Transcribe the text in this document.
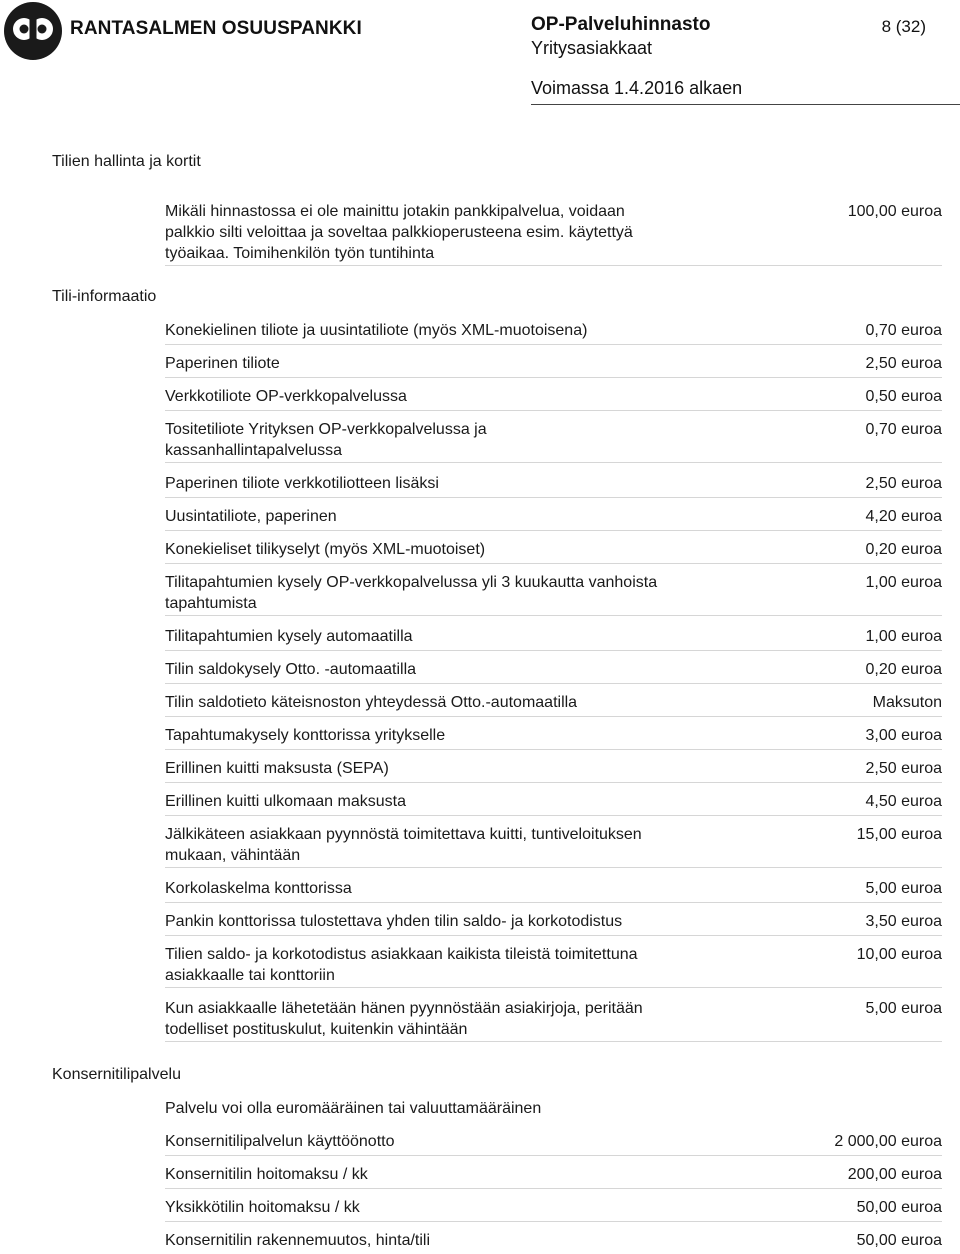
RANTASALMEN OSUUSPANKKI	OP-Palveluhinnasto
Yritysasiakkaat
8 (32)
Voimassa 1.4.2016 alkaen
Tilien hallinta ja kortit
Mikäli hinnastossa ei ole mainittu jotakin pankkipalvelua, voidaan
palkkio silti veloittaa ja soveltaa palkkioperusteena esim. käytettyä
työaikaa. Toimihenkilön työn tuntihinta
100,00 euroa
Tili-informaatio
Konekielinen tiliote ja uusintatiliote (myös XML-muotoisena)	0,70 euroa
Paperinen tiliote	2,50 euroa
Verkkotiliote OP-verkkopalvelussa	0,50 euroa
Tositetiliote Yrityksen OP-verkkopalvelussa ja
kassanhallintapalvelussa
0,70 euroa
Paperinen tiliote verkkotiliotteen lisäksi	2,50 euroa
Uusintatiliote, paperinen	4,20 euroa
Konekieliset tilikyselyt (myös XML-muotoiset)	0,20 euroa
Tilitapahtumien kysely OP-verkkopalvelussa yli 3 kuukautta vanhoista
tapahtumista
1,00 euroa
Tilitapahtumien kysely automaatilla	1,00 euroa
Tilin saldokysely Otto. -automaatilla	0,20 euroa
Tilin saldotieto käteisnoston yhteydessä Otto.-automaatilla	Maksuton
Tapahtumakysely konttorissa yritykselle	3,00 euroa
Erillinen kuitti maksusta (SEPA)	2,50 euroa
Erillinen kuitti ulkomaan maksusta	4,50 euroa
Jälkikäteen asiakkaan pyynnöstä toimitettava kuitti, tuntiveloituksen
mukaan, vähintään
15,00 euroa
Korkolaskelma konttorissa	5,00 euroa
Pankin konttorissa tulostettava yhden tilin saldo- ja korkotodistus	3,50 euroa
Tilien saldo- ja korkotodistus asiakkaan kaikista tileistä toimitettuna
asiakkaalle tai konttoriin
10,00 euroa
Kun asiakkaalle lähetetään hänen pyynnöstään asiakirjoja, peritään
todelliset postituskulut, kuitenkin vähintään
5,00 euroa
Konsernitilipalvelu
Palvelu voi olla euromääräinen tai valuuttamääräinen
Konsernitilipalvelun käyttöönotto	2 000,00 euroa
Konsernitilin hoitomaksu / kk	200,00 euroa
Yksikkötilin hoitomaksu / kk	50,00 euroa
Konsernitilin rakennemuutos, hinta/tili	50,00 euroa
